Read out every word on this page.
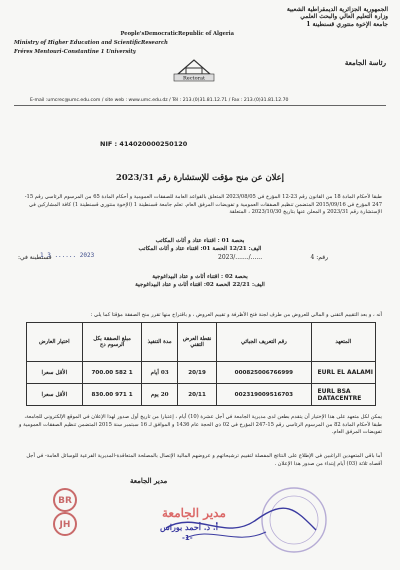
الجمهورية الجزائرية الديمقراطية الشعبية
وزارة التعليم العالي والبحث العلمي
جامعة الإخوة منتوري قسنطينة 1
People'sDemocraticRepublic of Algeria
Ministry of Higher Education and ScientificResearch
Fréres Mentouri-Constantine 1 University
Rectorat
رئاسة الجامعة
E-mail :umcrec@umc.edu.com / site web : www.umc.edu.dz / Tél : 213.(0)31.81.12.71 / Fax : 213.(0)31.81.12.70
قسنطينة في:
1 3 ...... 2023	2023/......./......	رقم: 4
NIF : 414020000250120
إعلان عن منح مؤقت للإستشارة رقم 2023/31
طبقا لأحكام المادة 18 من القانون رقم 23-12 المؤرخ في 2023/08/05 المتعلق بالقواعد العامة للصفقات العمومية و أحكام المادة 65 من المرسوم الرئاسي رقم 15-247 المؤرخ في 2015/09/16 المتضمن تنظيم الصفقات العمومية و تفويضات المرفق العام. تعلم جامعة قسنطينة 1 (الإخوة منتوري قسنطينة 1) كافة المشاركين في الإستشارة رقم 2023/31 و المعلن عنها بتاريخ 2023/10/30 ، المتعلقة
بحصة 01 : اقتناء عتاد و أثاث المكاتب
اليف: 12/21 الحصة 01: اقتناء عتاد و أثاث المكاتب
بحصة 02 : اقتناء أثاث و عتاد البيداغوجية
اليف: 22/21 الحصة 02: اقتناء أثاث و عتاد البيداغوجية
أنه ، و بعد التقييم التقني و المالي للعروض من طرف لجنة فتح الأظرفة و تقييم العروض ، و باقتراح منها تقرر منح الصفقة مؤقتا كما يلي :
المتعهد	رقم التعريف الجبائي	نقطة العرض التقني	مدة التنفيذ	مبلغ الصفقة بكل الرسوم دج	اختيار العارض
EURL EL AALAMI	000825006766999	20/19	03 أيام	1 582 700.00	الأقل سعرا
EURL BSA DATACENTRE	002319009516703	20/11	20 يوم	1 971 830.00	الأقل سعرا
يمكن لكل متعهد على هذا الإختيار أن يتقدم بطعن لدى مديرية الجامعة في أجل عشرة (10) أيام ، إعتبارا من تاريخ أول صدور لهذا الإعلان في الموقع الإلكتروني للجامعة، طبقا لأحكام المادة 82 من المرسوم الرئاسي رقم 15-247 المؤرخ في 02 ذي الحجة عام 1436 و الموافق لـ 16 سبتمبر سنة 2015 المتضمن تنظيم الصفقات العمومية و تفويضات المرفق العام.
أما باقي المتعهدين الراغبين في الإطلاع على النتائج المفصلة لتقييم ترشيحاتهم و عروضهم المالية الإتصال بالمصلحة المتعاقدة-المديرية الفرعية للوسائل العامة- في أجل أقصاه ثلاثة (03) أيام إبتداء من صدور هذا الإعلان .
مدير الجامعة
BR
JH
مدير الجامعة
أ. د. أحمد بوراس
-1-
